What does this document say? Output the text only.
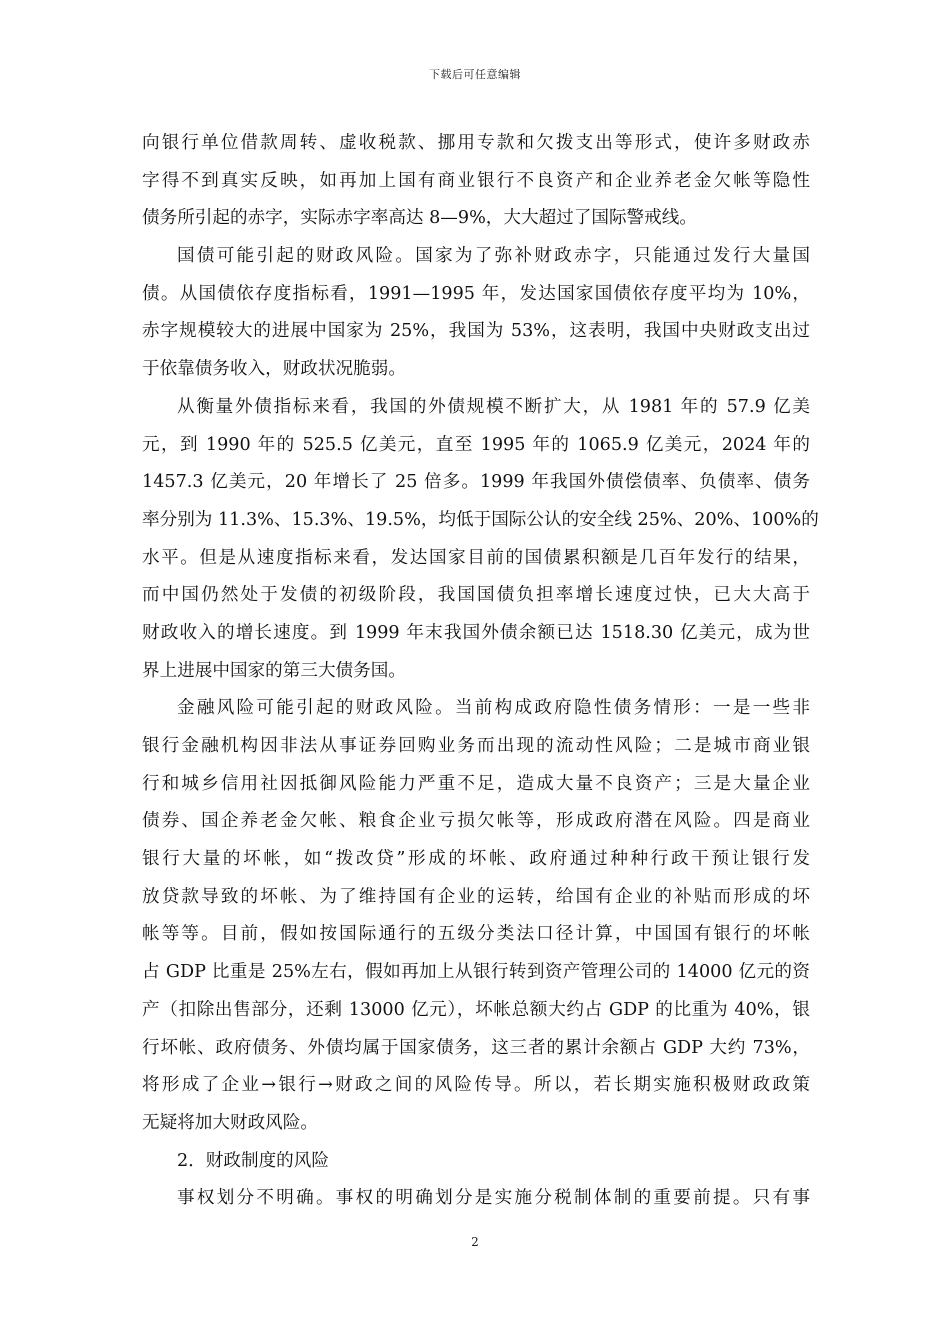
下载后可任意编辑
向银行单位借款周转、虚收税款、挪用专款和欠拨支出等形式，使许多财政赤
字得不到真实反映，如再加上国有商业银行不良资产和企业养老金欠帐等隐性
债务所引起的赤字，实际赤字率高达 8—9%，大大超过了国际警戒线。
国债可能引起的财政风险。国家为了弥补财政赤字，只能通过发行大量国
债。从国债依存度指标看，1991—1995 年，发达国家国债依存度平均为 10%，
赤字规模较大的进展中国家为 25%，我国为 53%，这表明，我国中央财政支出过
于依靠债务收入，财政状况脆弱。
从衡量外债指标来看，我国的外债规模不断扩大，从 1981 年的 57.9 亿美
元，到 1990 年的 525.5 亿美元，直至 1995 年的 1065.9 亿美元，2024 年的
1457.3 亿美元，20 年增长了 25 倍多。1999 年我国外债偿债率、负债率、债务
率分别为 11.3%、15.3%、19.5%，均低于国际公认的安全线 25%、20%、100%的
水平。但是从速度指标来看，发达国家目前的国债累积额是几百年发行的结果，
而中国仍然处于发债的初级阶段，我国国债负担率增长速度过快，已大大高于
财政收入的增长速度。到 1999 年末我国外债余额已达 1518.30 亿美元，成为世
界上进展中国家的第三大债务国。
金融风险可能引起的财政风险。当前构成政府隐性债务情形：一是一些非
银行金融机构因非法从事证券回购业务而出现的流动性风险；二是城市商业银
行和城乡信用社因抵御风险能力严重不足，造成大量不良资产；三是大量企业
债券、国企养老金欠帐、粮食企业亏损欠帐等，形成政府潜在风险。四是商业
银行大量的坏帐，如“拨改贷”形成的坏帐、政府通过种种行政干预让银行发
放贷款导致的坏帐、为了维持国有企业的运转，给国有企业的补贴而形成的坏
帐等等。目前，假如按国际通行的五级分类法口径计算，中国国有银行的坏帐
占 GDP 比重是 25%左右，假如再加上从银行转到资产管理公司的 14000 亿元的资
产（扣除出售部分，还剩 13000 亿元），坏帐总额大约占 GDP 的比重为 40%，银
行坏帐、政府债务、外债均属于国家债务，这三者的累计余额占 GDP 大约 73%，
将形成了企业→银行→财政之间的风险传导。所以，若长期实施积极财政政策
无疑将加大财政风险。
2．财政制度的风险
事权划分不明确。事权的明确划分是实施分税制体制的重要前提。只有事
2
